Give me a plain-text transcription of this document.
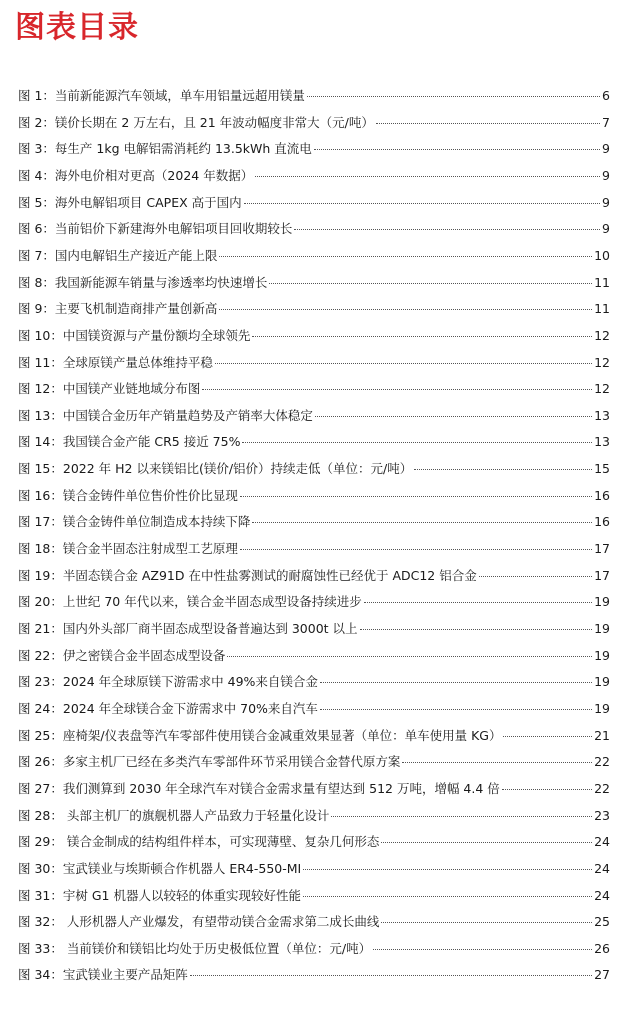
图表目录
图 1：当前新能源汽车领域，单车用铝量远超用镁量	6
图 2：镁价长期在 2 万左右，且 21 年波动幅度非常大（元/吨）	7
图 3：每生产 1kg 电解铝需消耗约 13.5kWh 直流电	9
图 4：海外电价相对更高（2024 年数据）	9
图 5：海外电解铝项目 CAPEX 高于国内	9
图 6：当前铝价下新建海外电解铝项目回收期较长	9
图 7：国内电解铝生产接近产能上限	10
图 8：我国新能源车销量与渗透率均快速增长	11
图 9：主要飞机制造商排产量创新高	11
图 10：中国镁资源与产量份额均全球领先	12
图 11：全球原镁产量总体维持平稳	12
图 12：中国镁产业链地域分布图	12
图 13：中国镁合金历年产销量趋势及产销率大体稳定	13
图 14：我国镁合金产能 CR5 接近 75%	13
图 15：2022 年 H2 以来镁铝比(镁价/铝价）持续走低（单位：元/吨）	15
图 16：镁合金铸件单位售价性价比显现	16
图 17：镁合金铸件单位制造成本持续下降	16
图 18：镁合金半固态注射成型工艺原理	17
图 19：半固态镁合金 AZ91D 在中性盐雾测试的耐腐蚀性已经优于 ADC12 铝合金	17
图 20：上世纪 70 年代以来，镁合金半固态成型设备持续进步	19
图 21：国内外头部厂商半固态成型设备普遍达到 3000t 以上	19
图 22：伊之密镁合金半固态成型设备	19
图 23：2024 年全球原镁下游需求中 49%来自镁合金	19
图 24：2024 年全球镁合金下游需求中 70%来自汽车	19
图 25：座椅架/仪表盘等汽车零部件使用镁合金减重效果显著（单位：单车使用量 KG）	21
图 26：多家主机厂已经在多类汽车零部件环节采用镁合金替代原方案	22
图 27：我们测算到 2030 年全球汽车对镁合金需求量有望达到 512 万吨，增幅 4.4 倍	22
图 28： 头部主机厂的旗舰机器人产品致力于轻量化设计	23
图 29： 镁合金制成的结构组件样本，可实现薄壁、复杂几何形态	24
图 30：宝武镁业与埃斯顿合作机器人 ER4-550-MI	24
图 31：宇树 G1 机器人以较轻的体重实现较好性能	24
图 32： 人形机器人产业爆发，有望带动镁合金需求第二成长曲线	25
图 33： 当前镁价和镁铝比均处于历史极低位置（单位：元/吨）	26
图 34：宝武镁业主要产品矩阵	27
